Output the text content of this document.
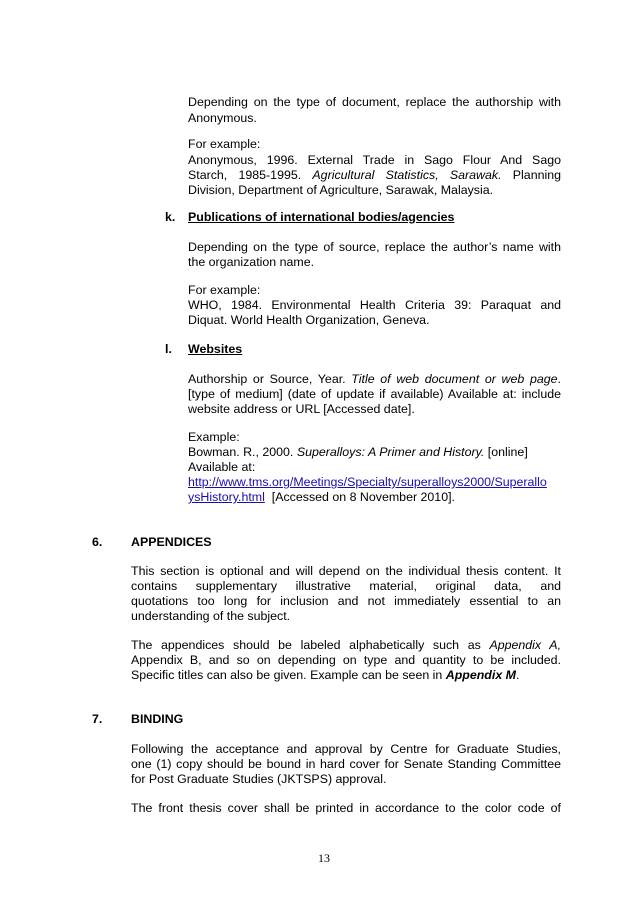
Depending on the type of document, replace the authorship with
Anonymous.
For example:
Anonymous, 1996. External Trade in Sago Flour And Sago
Starch, 1985-1995. Agricultural Statistics, Sarawak. Planning
Division, Department of Agriculture, Sarawak, Malaysia.
k. Publications of international bodies/agencies
Depending on the type of source, replace the author’s name with
the organization name.
For example:
WHO, 1984. Environmental Health Criteria 39: Paraquat and
Diquat. World Health Organization, Geneva.
l. Websites
Authorship or Source, Year. Title of web document or web page.
[type of medium] (date of update if available) Available at: include
website address or URL [Accessed date].
Example:
Bowman. R., 2000. Superalloys: A Primer and History. [online]
Available at:
http://www.tms.org/Meetings/Specialty/superalloys2000/Superallo
ysHistory.html [Accessed on 8 November 2010].
6. APPENDICES
This section is optional and will depend on the individual thesis content. It
contains supplementary illustrative material, original data, and
quotations too long for inclusion and not immediately essential to an
understanding of the subject.
The appendices should be labeled alphabetically such as Appendix A,
Appendix B, and so on depending on type and quantity to be included.
Specific titles can also be given. Example can be seen in Appendix M.
7. BINDING
Following the acceptance and approval by Centre for Graduate Studies,
one (1) copy should be bound in hard cover for Senate Standing Committee
for Post Graduate Studies (JKTSPS) approval.
The front thesis cover shall be printed in accordance to the color code of
13
